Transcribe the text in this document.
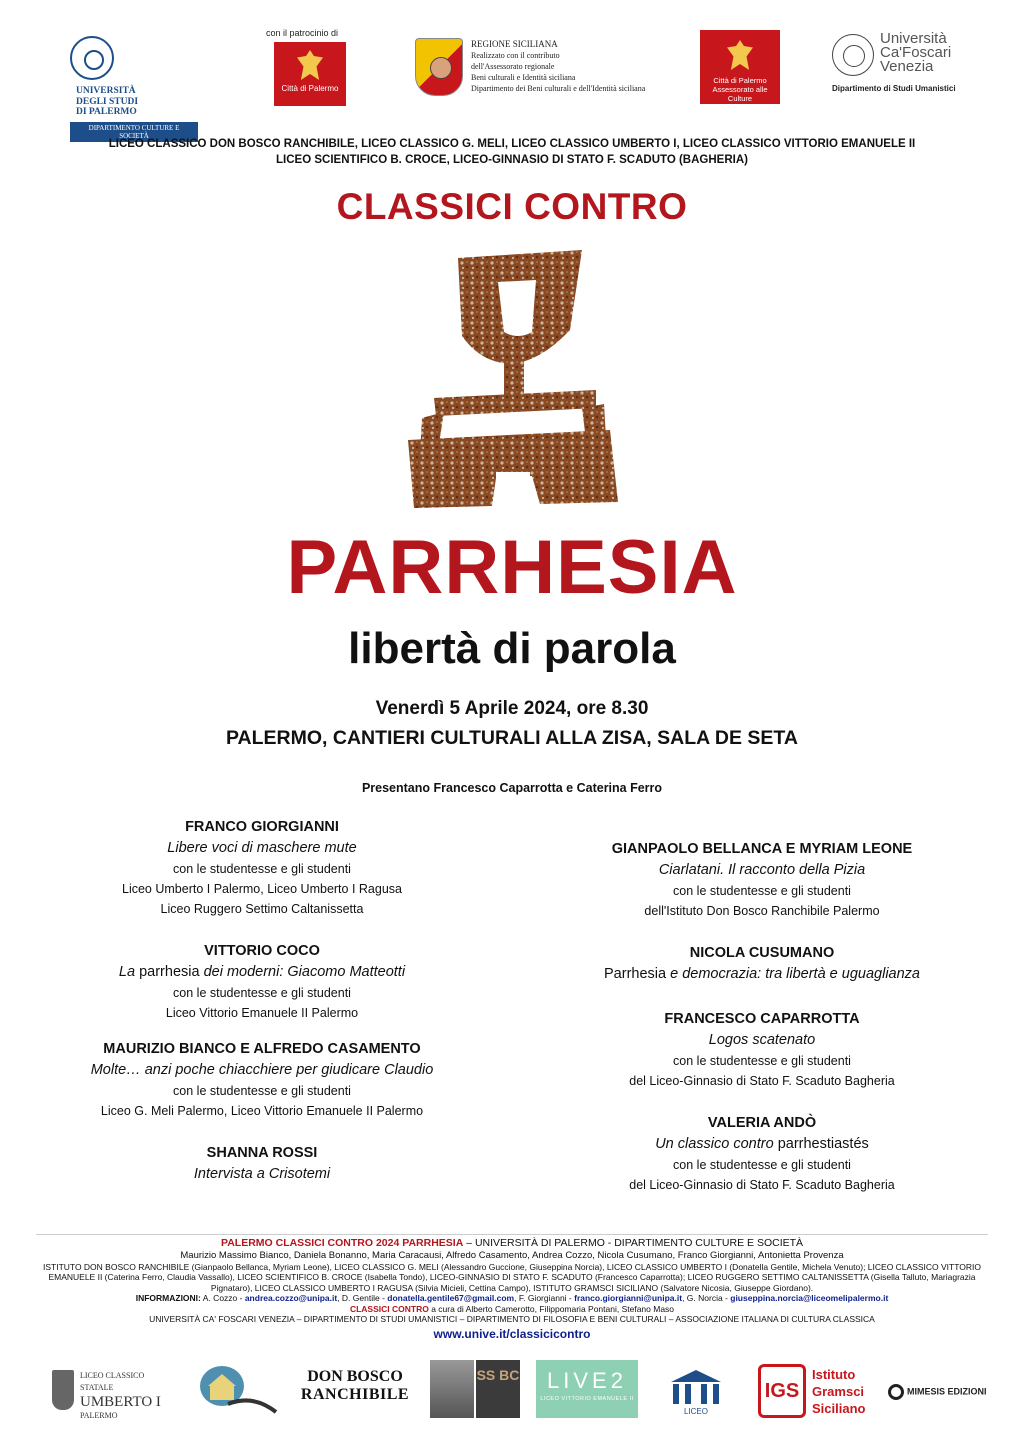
UNIVERSITÀ DEGLI STUDI DI PALERMO
DIPARTIMENTO CULTURE E SOCIETÀ
con il patrocinio di
Città di Palermo
REGIONE SICILIANA
Realizzato con il contributo
dell'Assessorato regionale
Beni culturali e Identità siciliana
Dipartimento dei Beni culturali e dell'Identità siciliana
Città di Palermo
Assessorato alle Culture
Università Ca'Foscari Venezia
Dipartimento di Studi Umanistici
LICEO CLASSICO DON BOSCO RANCHIBILE, LICEO CLASSICO G. MELI, LICEO CLASSICO UMBERTO I, LICEO CLASSICO VITTORIO EMANUELE II
LICEO SCIENTIFICO B. CROCE, LICEO-GINNASIO DI STATO F. SCADUTO (BAGHERIA)
CLASSICI CONTRO
PARRHESIA
libertà di parola
Venerdì 5 Aprile 2024, ore 8.30
PALERMO, CANTIERI CULTURALI ALLA ZISA, SALA DE SETA
Presentano Francesco Caparrotta e Caterina Ferro
FRANCO GIORGIANNI
Libere voci di maschere mute
con le studentesse e gli studenti
Liceo Umberto I Palermo, Liceo Umberto I Ragusa
Liceo Ruggero Settimo Caltanissetta
VITTORIO COCO
La parrhesia dei moderni: Giacomo Matteotti
con le studentesse e gli studenti
Liceo Vittorio Emanuele II Palermo
MAURIZIO BIANCO E ALFREDO CASAMENTO
Molte… anzi poche chiacchiere per giudicare Claudio
con le studentesse e gli studenti
Liceo G. Meli Palermo, Liceo Vittorio Emanuele II Palermo
SHANNA ROSSI
Intervista a Crisotemi
GIANPAOLO BELLANCA E MYRIAM LEONE
Ciarlatani. Il racconto della Pizia
con le studentesse e gli studenti
dell'Istituto Don Bosco Ranchibile Palermo
NICOLA CUSUMANO
Parrhesia e democrazia: tra libertà e uguaglianza
FRANCESCO CAPARROTTA
Logos scatenato
con le studentesse e gli studenti
del Liceo-Ginnasio di Stato F. Scaduto Bagheria
VALERIA ANDÒ
Un classico contro parrhestiastés
con le studentesse e gli studenti
del Liceo-Ginnasio di Stato F. Scaduto Bagheria
PALERMO CLASSICI CONTRO 2024 PARRHESIA – UNIVERSITÀ DI PALERMO - DIPARTIMENTO CULTURE E SOCIETÀ
Maurizio Massimo Bianco, Daniela Bonanno, Maria Caracausi, Alfredo Casamento, Andrea Cozzo, Nicola Cusumano, Franco Giorgianni, Antonietta Provenza
ISTITUTO DON BOSCO RANCHIBILE (Gianpaolo Bellanca, Myriam Leone), LICEO CLASSICO G. MELI (Alessandro Guccione, Giuseppina Norcia), LICEO CLASSICO UMBERTO I (Donatella Gentile, Michela Venuto); LICEO CLASSICO VITTORIO EMANUELE II (Caterina Ferro, Claudia Vassallo), LICEO SCIENTIFICO B. CROCE (Isabella Tondo), LICEO-GINNASIO DI STATO F. SCADUTO (Francesco Caparrotta); LICEO RUGGERO SETTIMO CALTANISSETTA (Gisella Talluto, Mariagrazia Pignataro), LICEO CLASSICO UMBERTO I RAGUSA (Silvia Micieli, Cettina Campo), ISTITUTO GRAMSCI SICILIANO (Salvatore Nicosia, Giuseppe Giordano).
INFORMAZIONI: A. Cozzo - andrea.cozzo@unipa.it, D. Gentile - donatella.gentile67@gmail.com, F. Giorgianni - franco.giorgianni@unipa.it, G. Norcia - giuseppina.norcia@liceomelipalermo.it
CLASSICI CONTRO a cura di Alberto Camerotto, Filippomaria Pontani, Stefano Maso
UNIVERSITÀ CA' FOSCARI VENEZIA – DIPARTIMENTO DI STUDI UMANISTICI – DIPARTIMENTO DI FILOSOFIA E BENI CULTURALI – ASSOCIAZIONE ITALIANA DI CULTURA CLASSICA
www.unive.it/classicicontro
LICEO CLASSICO STATALE
UMBERTO I
PALERMO
DON BOSCO
RANCHIBILE
SS BC	LIVE2
LICEO VITTORIO EMANUELE II
LICEO
IGS
Istituto
Gramsci
Siciliano
MIMESIS EDIZIONI
